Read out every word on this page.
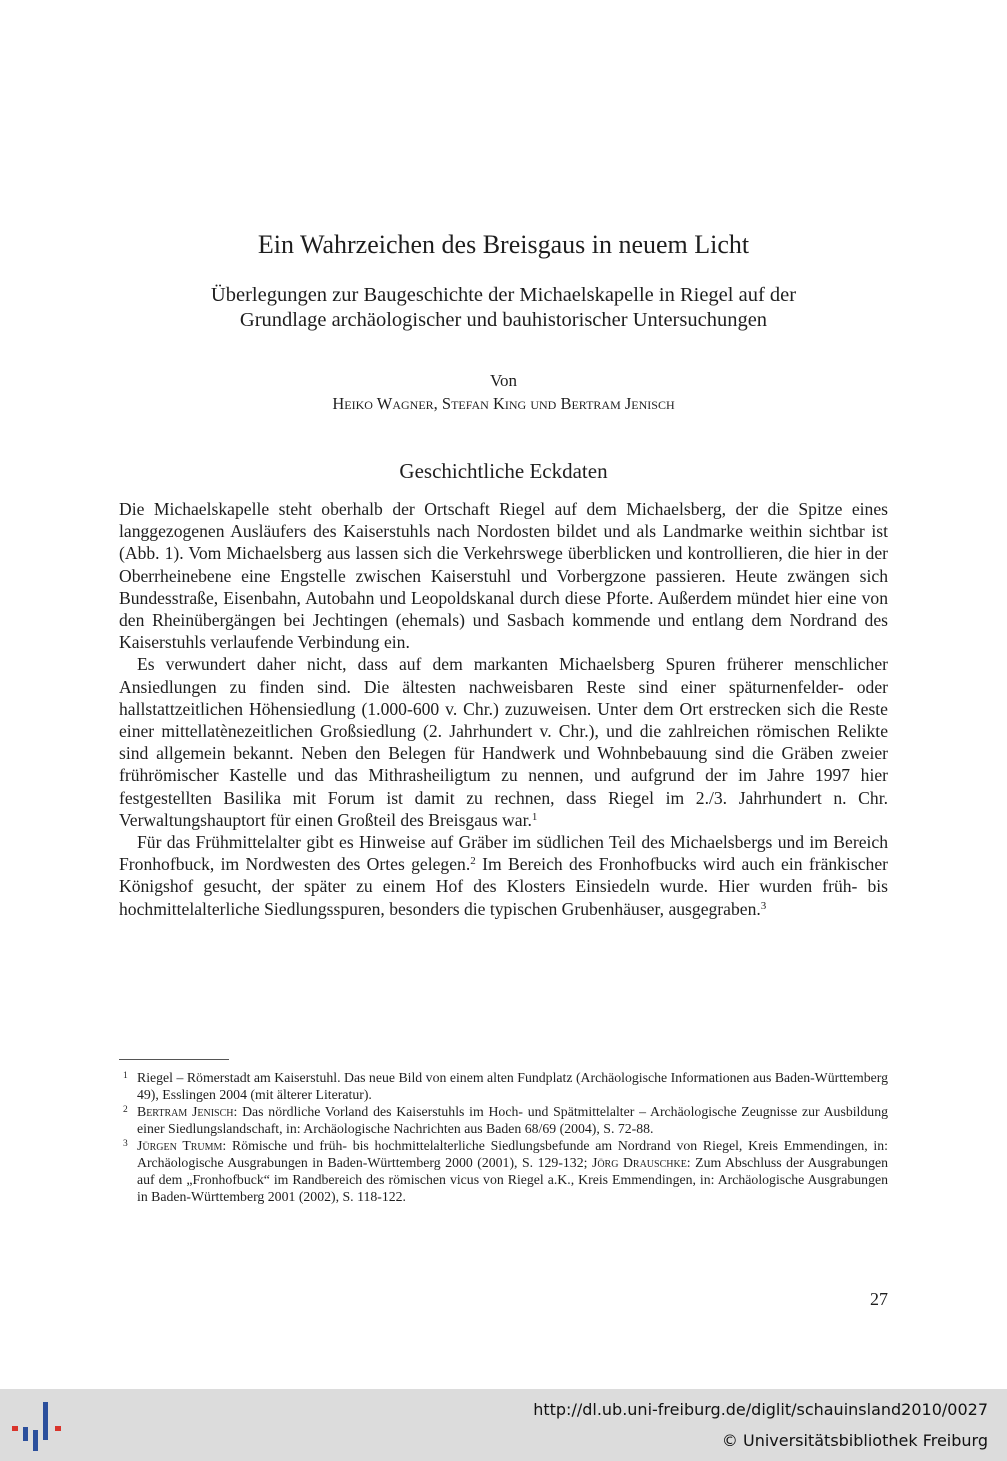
Ein Wahrzeichen des Breisgaus in neuem Licht
Überlegungen zur Baugeschichte der Michaelskapelle in Riegel auf der
Grundlage archäologischer und bauhistorischer Untersuchungen
Von
Heiko Wagner, Stefan King und Bertram Jenisch
Geschichtliche Eckdaten

Die Michaelskapelle steht oberhalb der Ortschaft Riegel auf dem Michaelsberg, der die Spitze eines langgezogenen Ausläufers des Kaiserstuhls nach Nordosten bildet und als Landmarke weithin sichtbar ist (Abb. 1). Vom Michaelsberg aus lassen sich die Verkehrswege überblicken und kontrollieren, die hier in der Oberrheinebene eine Engstelle zwischen Kaiserstuhl und Vorbergzone passieren. Heute zwängen sich Bundesstraße, Eisenbahn, Autobahn und Leopoldskanal durch diese Pforte. Außerdem mündet hier eine von den Rheinübergängen bei Jechtingen (ehemals) und Sasbach kommende und entlang dem Nordrand des Kaiserstuhls verlaufende Verbindung ein.

Es verwundert daher nicht, dass auf dem markanten Michaelsberg Spuren früherer menschlicher Ansiedlungen zu finden sind. Die ältesten nachweisbaren Reste sind einer späturnenfelder- oder hallstattzeitlichen Höhensiedlung (1.000-600 v. Chr.) zuzuweisen. Unter dem Ort erstrecken sich die Reste einer mittellatènezeitlichen Großsiedlung (2. Jahrhundert v. Chr.), und die zahlreichen römischen Relikte sind allgemein bekannt. Neben den Belegen für Handwerk und Wohnbebauung sind die Gräben zweier frührömischer Kastelle und das Mithrasheiligtum zu nennen, und aufgrund der im Jahre 1997 hier festgestellten Basilika mit Forum ist damit zu rechnen, dass Riegel im 2./3. Jahrhundert n. Chr. Verwaltungshauptort für einen Großteil des Breisgaus war.$^1$

Für das Frühmittelalter gibt es Hinweise auf Gräber im südlichen Teil des Michaelsbergs und im Bereich Fronhofbuck, im Nordwesten des Ortes gelegen.$^2$ Im Bereich des Fronhofbucks wird auch ein fränkischer Königshof gesucht, der später zu einem Hof des Klosters Einsiedeln wurde. Hier wurden früh- bis hochmittelalterliche Siedlungsspuren, besonders die typischen Grubenhäuser, ausgegraben.$^3$

1 Riegel – Römerstadt am Kaiserstuhl. Das neue Bild von einem alten Fundplatz (Archäologische Informationen aus Baden-Württemberg 49), Esslingen 2004 (mit älterer Literatur).

2 Bertram Jenisch: Das nördliche Vorland des Kaiserstuhls im Hoch- und Spätmittelalter – Archäologische Zeugnisse zur Ausbildung einer Siedlungslandschaft, in: Archäologische Nachrichten aus Baden 68/69 (2004), S. 72-88.

3 Jürgen Trumm: Römische und früh- bis hochmittelalterliche Siedlungsbefunde am Nordrand von Riegel, Kreis Emmendingen, in: Archäologische Ausgrabungen in Baden-Württemberg 2000 (2001), S. 129-132; Jörg Drauschke: Zum Abschluss der Ausgrabungen auf dem „Fronhofbuck“ im Randbereich des römischen vicus von Riegel a.K., Kreis Emmendingen, in: Archäologische Ausgrabungen in Baden-Württemberg 2001 (2002), S. 118-122.

27
http://dl.ub.uni-freiburg.de/diglit/schauinsland2010/0027
© Universitätsbibliothek Freiburg
